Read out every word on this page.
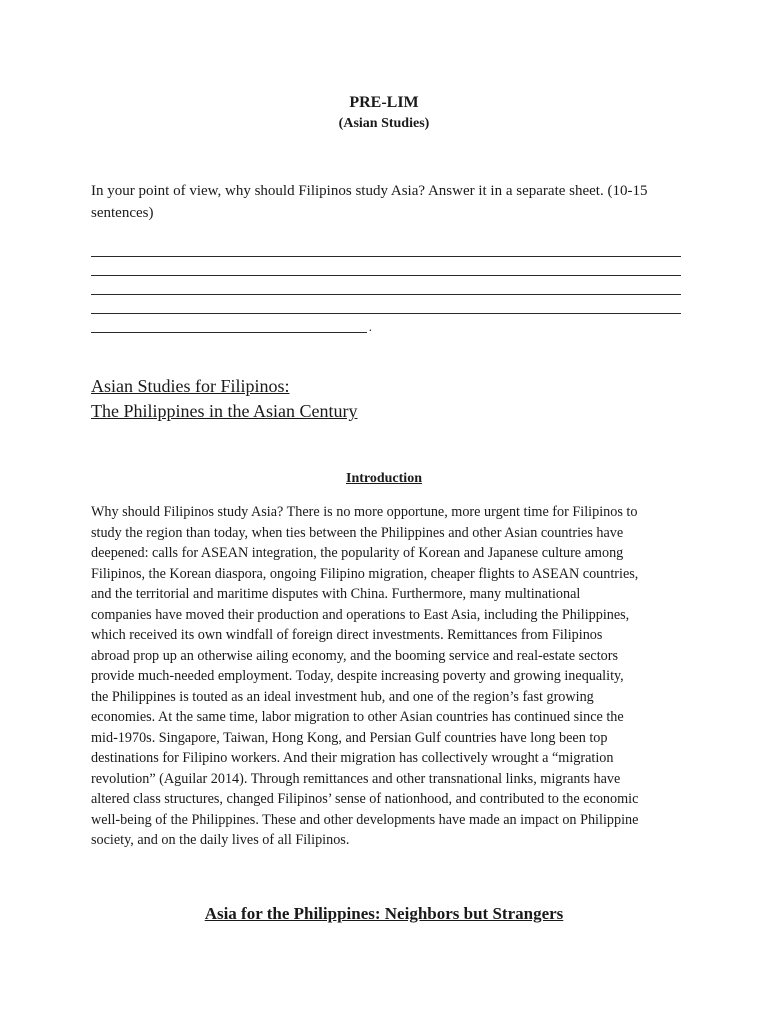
PRE-LIM
(Asian Studies)

In your point of view, why should Filipinos study Asia? Answer it in a separate sheet. (10-15 sentences)

.
Asian Studies for Filipinos:
The Philippines in the Asian Century
Introduction

Why should Filipinos study Asia? There is no more opportune, more urgent time for Filipinos to
study the region than today, when ties between the Philippines and other Asian countries have
deepened: calls for ASEAN integration, the popularity of Korean and Japanese culture among
Filipinos, the Korean diaspora, ongoing Filipino migration, cheaper flights to ASEAN countries,
and the territorial and maritime disputes with China. Furthermore, many multinational
companies have moved their production and operations to East Asia, including the Philippines,
which received its own windfall of foreign direct investments. Remittances from Filipinos
abroad prop up an otherwise ailing economy, and the booming service and real-estate sectors
provide much-needed employment. Today, despite increasing poverty and growing inequality,
the Philippines is touted as an ideal investment hub, and one of the region’s fast growing
economies. At the same time, labor migration to other Asian countries has continued since the
mid-1970s. Singapore, Taiwan, Hong Kong, and Persian Gulf countries have long been top
destinations for Filipino workers. And their migration has collectively wrought a “migration
revolution” (Aguilar 2014). Through remittances and other transnational links, migrants have
altered class structures, changed Filipinos’ sense of nationhood, and contributed to the economic
well-being of the Philippines. These and other developments have made an impact on Philippine
society, and on the daily lives of all Filipinos.

Asia for the Philippines: Neighbors but Strangers
